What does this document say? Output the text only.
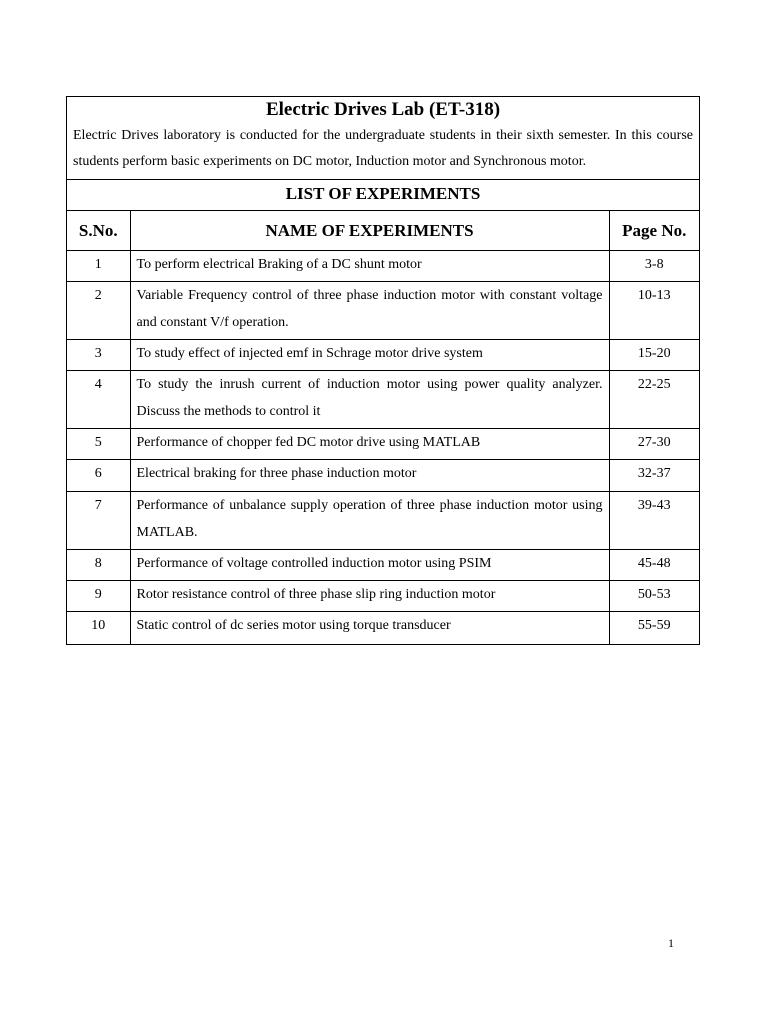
Electric Drives Lab (ET-318)
Electric Drives laboratory is conducted for the undergraduate students in their sixth semester. In this course students perform basic experiments on DC motor, Induction motor and Synchronous motor.
LIST OF EXPERIMENTS
S.No.	NAME OF EXPERIMENTS	Page No.
1	To perform electrical Braking of a DC shunt motor	3-8
2	Variable Frequency control of three phase induction motor with constant voltage and constant V/f operation.	10-13
3	To study effect of injected emf in Schrage motor drive system	15-20
4	To study the inrush current of induction motor using power quality analyzer. Discuss the methods to control it	22-25
5	Performance of chopper fed DC motor drive using MATLAB	27-30
6	Electrical braking for three phase induction motor	32-37
7	Performance of unbalance supply operation of three phase induction motor using MATLAB.	39-43
8	Performance of voltage controlled induction motor using PSIM	45-48
9	Rotor resistance control of three phase slip ring induction motor	50-53
10	Static control of dc series motor using torque transducer	55-59
1
